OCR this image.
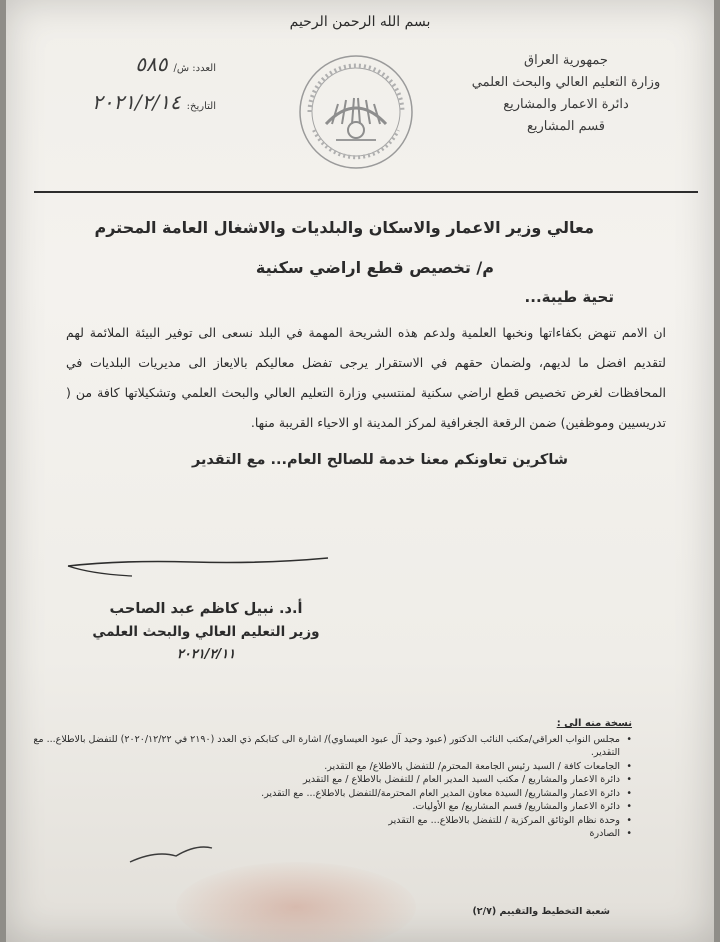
بسم الله الرحمن الرحيم
جمهورية العراق
وزارة التعليم العالي والبحث العلمي
دائرة الاعمار والمشاريع
قسم المشاريع
العدد: ش/
٥٨٥
التاريخ:
٢٠٢١/٢/١٤
معالي وزير الاعمار والاسكان والبلديات والاشغال العامة المحترم
م/ تخصيص قطع اراضي سكنية
تحية طيبة...
ان الامم تنهض بكفاءاتها ونخبها العلمية ولدعم هذه الشريحة المهمة في البلد نسعى الى توفير البيئة الملائمة لهم لتقديم افضل ما لديهم، ولضمان حقهم في الاستقرار يرجى تفضل معاليكم بالايعاز الى مديريات البلديات في المحافظات لغرض تخصيص قطع اراضي سكنية لمنتسبي وزارة التعليم العالي والبحث العلمي وتشكيلاتها كافة من ( تدريسيين وموظفين) ضمن الرقعة الجغرافية لمركز المدينة او الاحياء القريبة منها.
شاكرين تعاونكم معنا خدمة للصالح العام... مع التقدير
أ.د. نبيل كاظم عبد الصاحب
وزير التعليم العالي والبحث العلمي
٢٠٢١/٢/١١
نسخة منه الى :
•
مجلس النواب العراقي/مكتب النائب الدكتور (عبود وحيد آل عبود العيساوي)/ اشارة الى كتابكم ذي العدد (٢١٩٠ في ٢٠٢٠/١٢/٢٢) للتفضل بالاطلاع... مع التقدير.
•
الجامعات كافة / السيد رئيس الجامعة المحترم/ للتفضل بالاطلاع/ مع التقدير.
•
دائرة الاعمار والمشاريع / مكتب السيد المدير العام / للتفضل بالاطلاع / مع التقدير
•
دائرة الاعمار والمشاريع/ السيدة معاون المدير العام المحترمة/للتفضل بالاطلاع... مع التقدير.
•
دائرة الاعمار والمشاريع/ قسم المشاريع/ مع الأوليات.
•
وحدة نظام الوثائق المركزية / للتفضل بالاطلاع... مع التقدير
•
الصادرة
شعبة التخطيط والتقييم (٢/٧)
